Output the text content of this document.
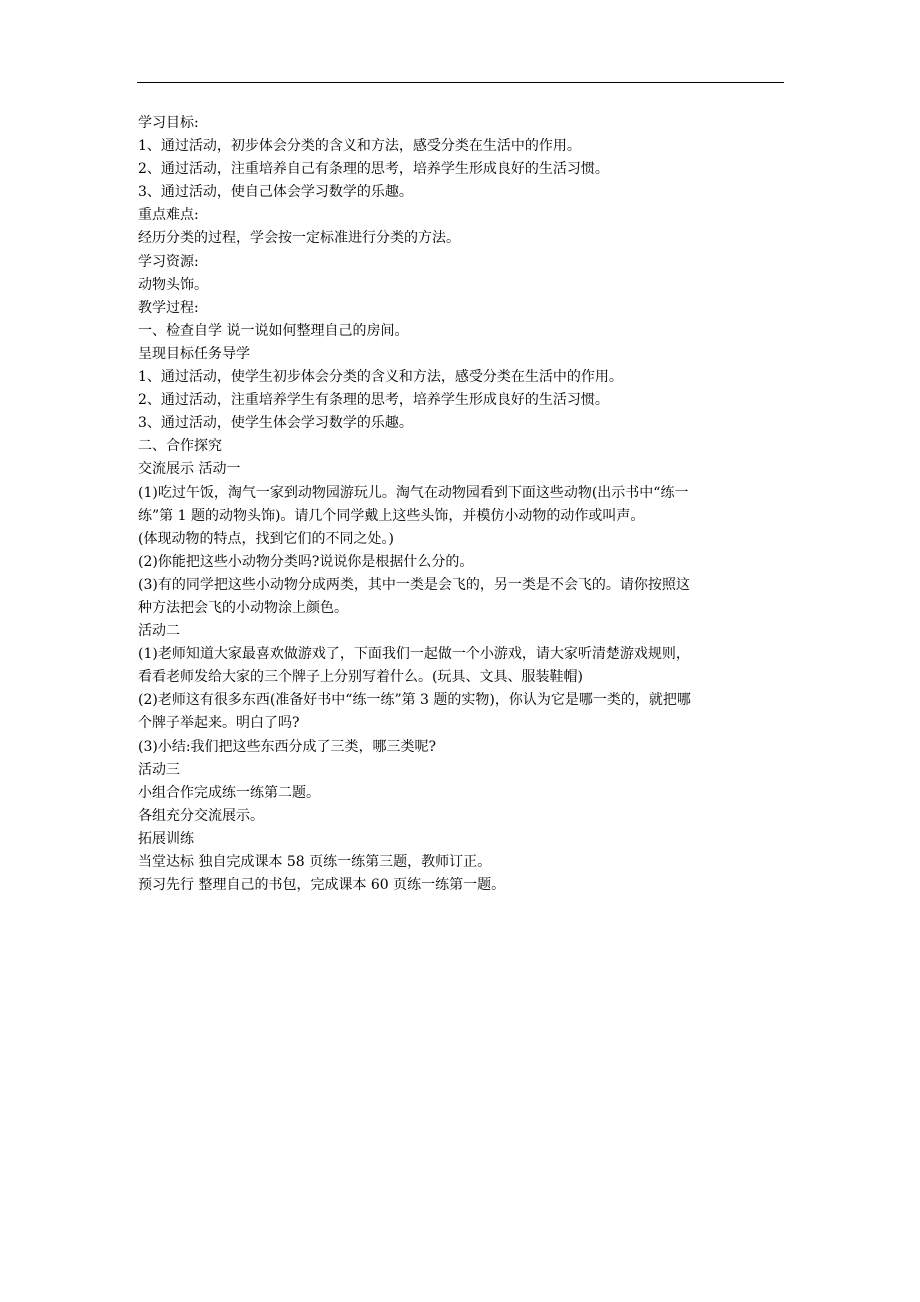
学习目标:
1、通过活动，初步体会分类的含义和方法，感受分类在生活中的作用。
2、通过活动，注重培养自己有条理的思考，培养学生形成良好的生活习惯。
3、通过活动，使自己体会学习数学的乐趣。
重点难点:
经历分类的过程，学会按一定标准进行分类的方法。
学习资源:
动物头饰。
教学过程:
一、检查自学 说一说如何整理自己的房间。
呈现目标任务导学
1、通过活动，使学生初步体会分类的含义和方法，感受分类在生活中的作用。
2、通过活动，注重培养学生有条理的思考，培养学生形成良好的生活习惯。
3、通过活动，使学生体会学习数学的乐趣。
二、合作探究
交流展示 活动一
(1)吃过午饭，淘气一家到动物园游玩儿。淘气在动物园看到下面这些动物(出示书中“练一
练”第 1 题的动物头饰)。请几个同学戴上这些头饰，并模仿小动物的动作或叫声。
(体现动物的特点，找到它们的不同之处。)
(2)你能把这些小动物分类吗?说说你是根据什么分的。
(3)有的同学把这些小动物分成两类，其中一类是会飞的，另一类是不会飞的。请你按照这
种方法把会飞的小动物涂上颜色。
活动二
(1)老师知道大家最喜欢做游戏了，下面我们一起做一个小游戏，请大家听清楚游戏规则，
看看老师发给大家的三个牌子上分别写着什么。(玩具、文具、服装鞋帽)
(2)老师这有很多东西(准备好书中“练一练”第 3 题的实物)，你认为它是哪一类的，就把哪
个牌子举起来。明白了吗?
(3)小结:我们把这些东西分成了三类，哪三类呢?
活动三
小组合作完成练一练第二题。
各组充分交流展示。
拓展训练
当堂达标 独自完成课本 58 页练一练第三题，教师订正。
预习先行 整理自己的书包，完成课本 60 页练一练第一题。
